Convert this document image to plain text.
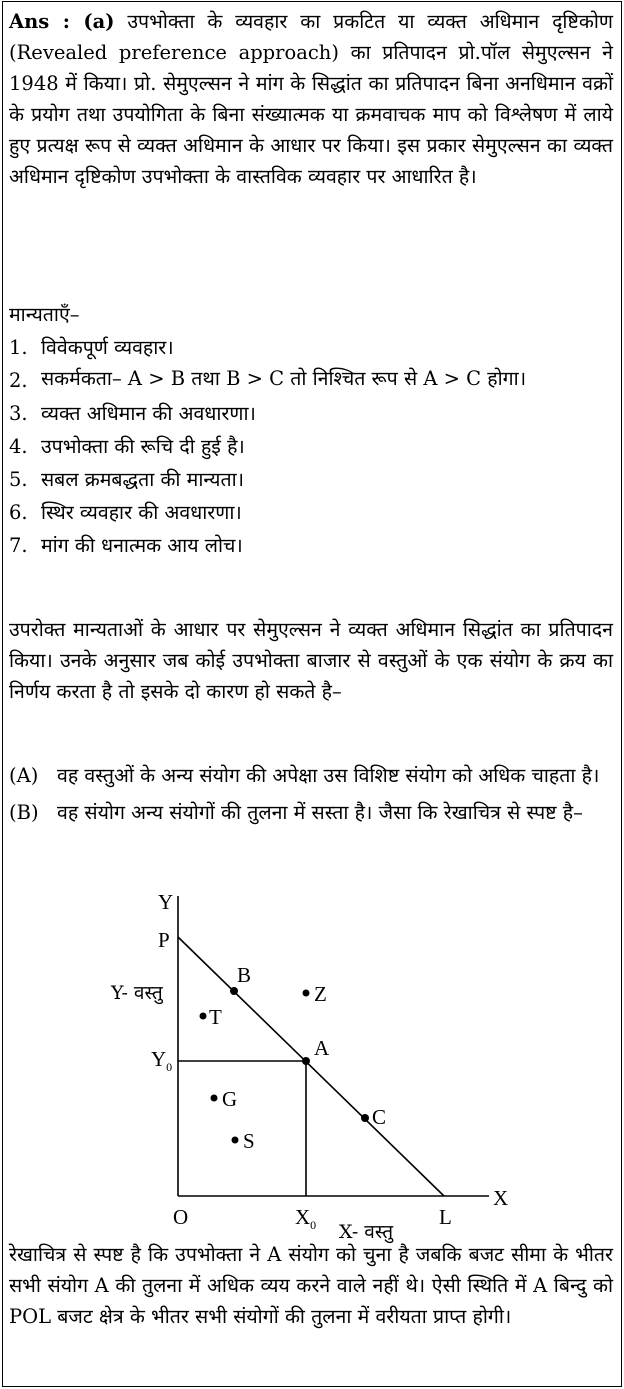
Ans : (a) उपभोक्ता के व्यवहार का प्रकटित या व्यक्त अधिमान दृष्टिकोण (Revealed preference approach) का प्रतिपादन प्रो.पॉल सेमुएल्सन ने 1948 में किया। प्रो. सेमुएल्सन ने मांग के सिद्धांत का प्रतिपादन बिना अनधिमान वक्रों के प्रयोग तथा उपयोगिता के बिना संख्यात्मक या क्रमवाचक माप को विश्लेषण में लाये हुए प्रत्यक्ष रूप से व्यक्त अधिमान के आधार पर किया। इस प्रकार सेमुएल्सन का व्यक्त अधिमान दृष्टिकोण उपभोक्ता के वास्तविक व्यवहार पर आधारित है।
मान्यताएँ–
1. विवेकपूर्ण व्यवहार।
2. सकर्मकता– A > B तथा B > C तो निश्चित रूप से A > C होगा।
3. व्यक्त अधिमान की अवधारणा।
4. उपभोक्ता की रूचि दी हुई है।
5. सबल क्रमबद्धता की मान्यता।
6. स्थिर व्यवहार की अवधारणा।
7. मांग की धनात्मक आय लोच।
उपरोक्त मान्यताओं के आधार पर सेमुएल्सन ने व्यक्त अधिमान सिद्धांत का प्रतिपादन किया। उनके अनुसार जब कोई उपभोक्ता बाजार से वस्तुओं के एक संयोग के क्रय का निर्णय करता है तो इसके दो कारण हो सकते है–
(A) वह वस्तुओं के अन्य संयोग की अपेक्षा उस विशिष्ट संयोग को अधिक चाहता है।
(B) वह संयोग अन्य संयोगों की तुलना में सस्ता है। जैसा कि रेखाचित्र से स्पष्ट है–
Y
X
O
P
L
$Y_0$
$X_0$
Y- वस्तु
X- वस्तु
B
A
C
Z
T
G
S
रेखाचित्र से स्पष्ट है कि उपभोक्ता ने A संयोग को चुना है जबकि बजट सीमा के भीतर सभी संयोग A की तुलना में अधिक व्यय करने वाले नहीं थे। ऐसी स्थिति में A बिन्दु को POL बजट क्षेत्र के भीतर सभी संयोगों की तुलना में वरीयता प्राप्त होगी।
